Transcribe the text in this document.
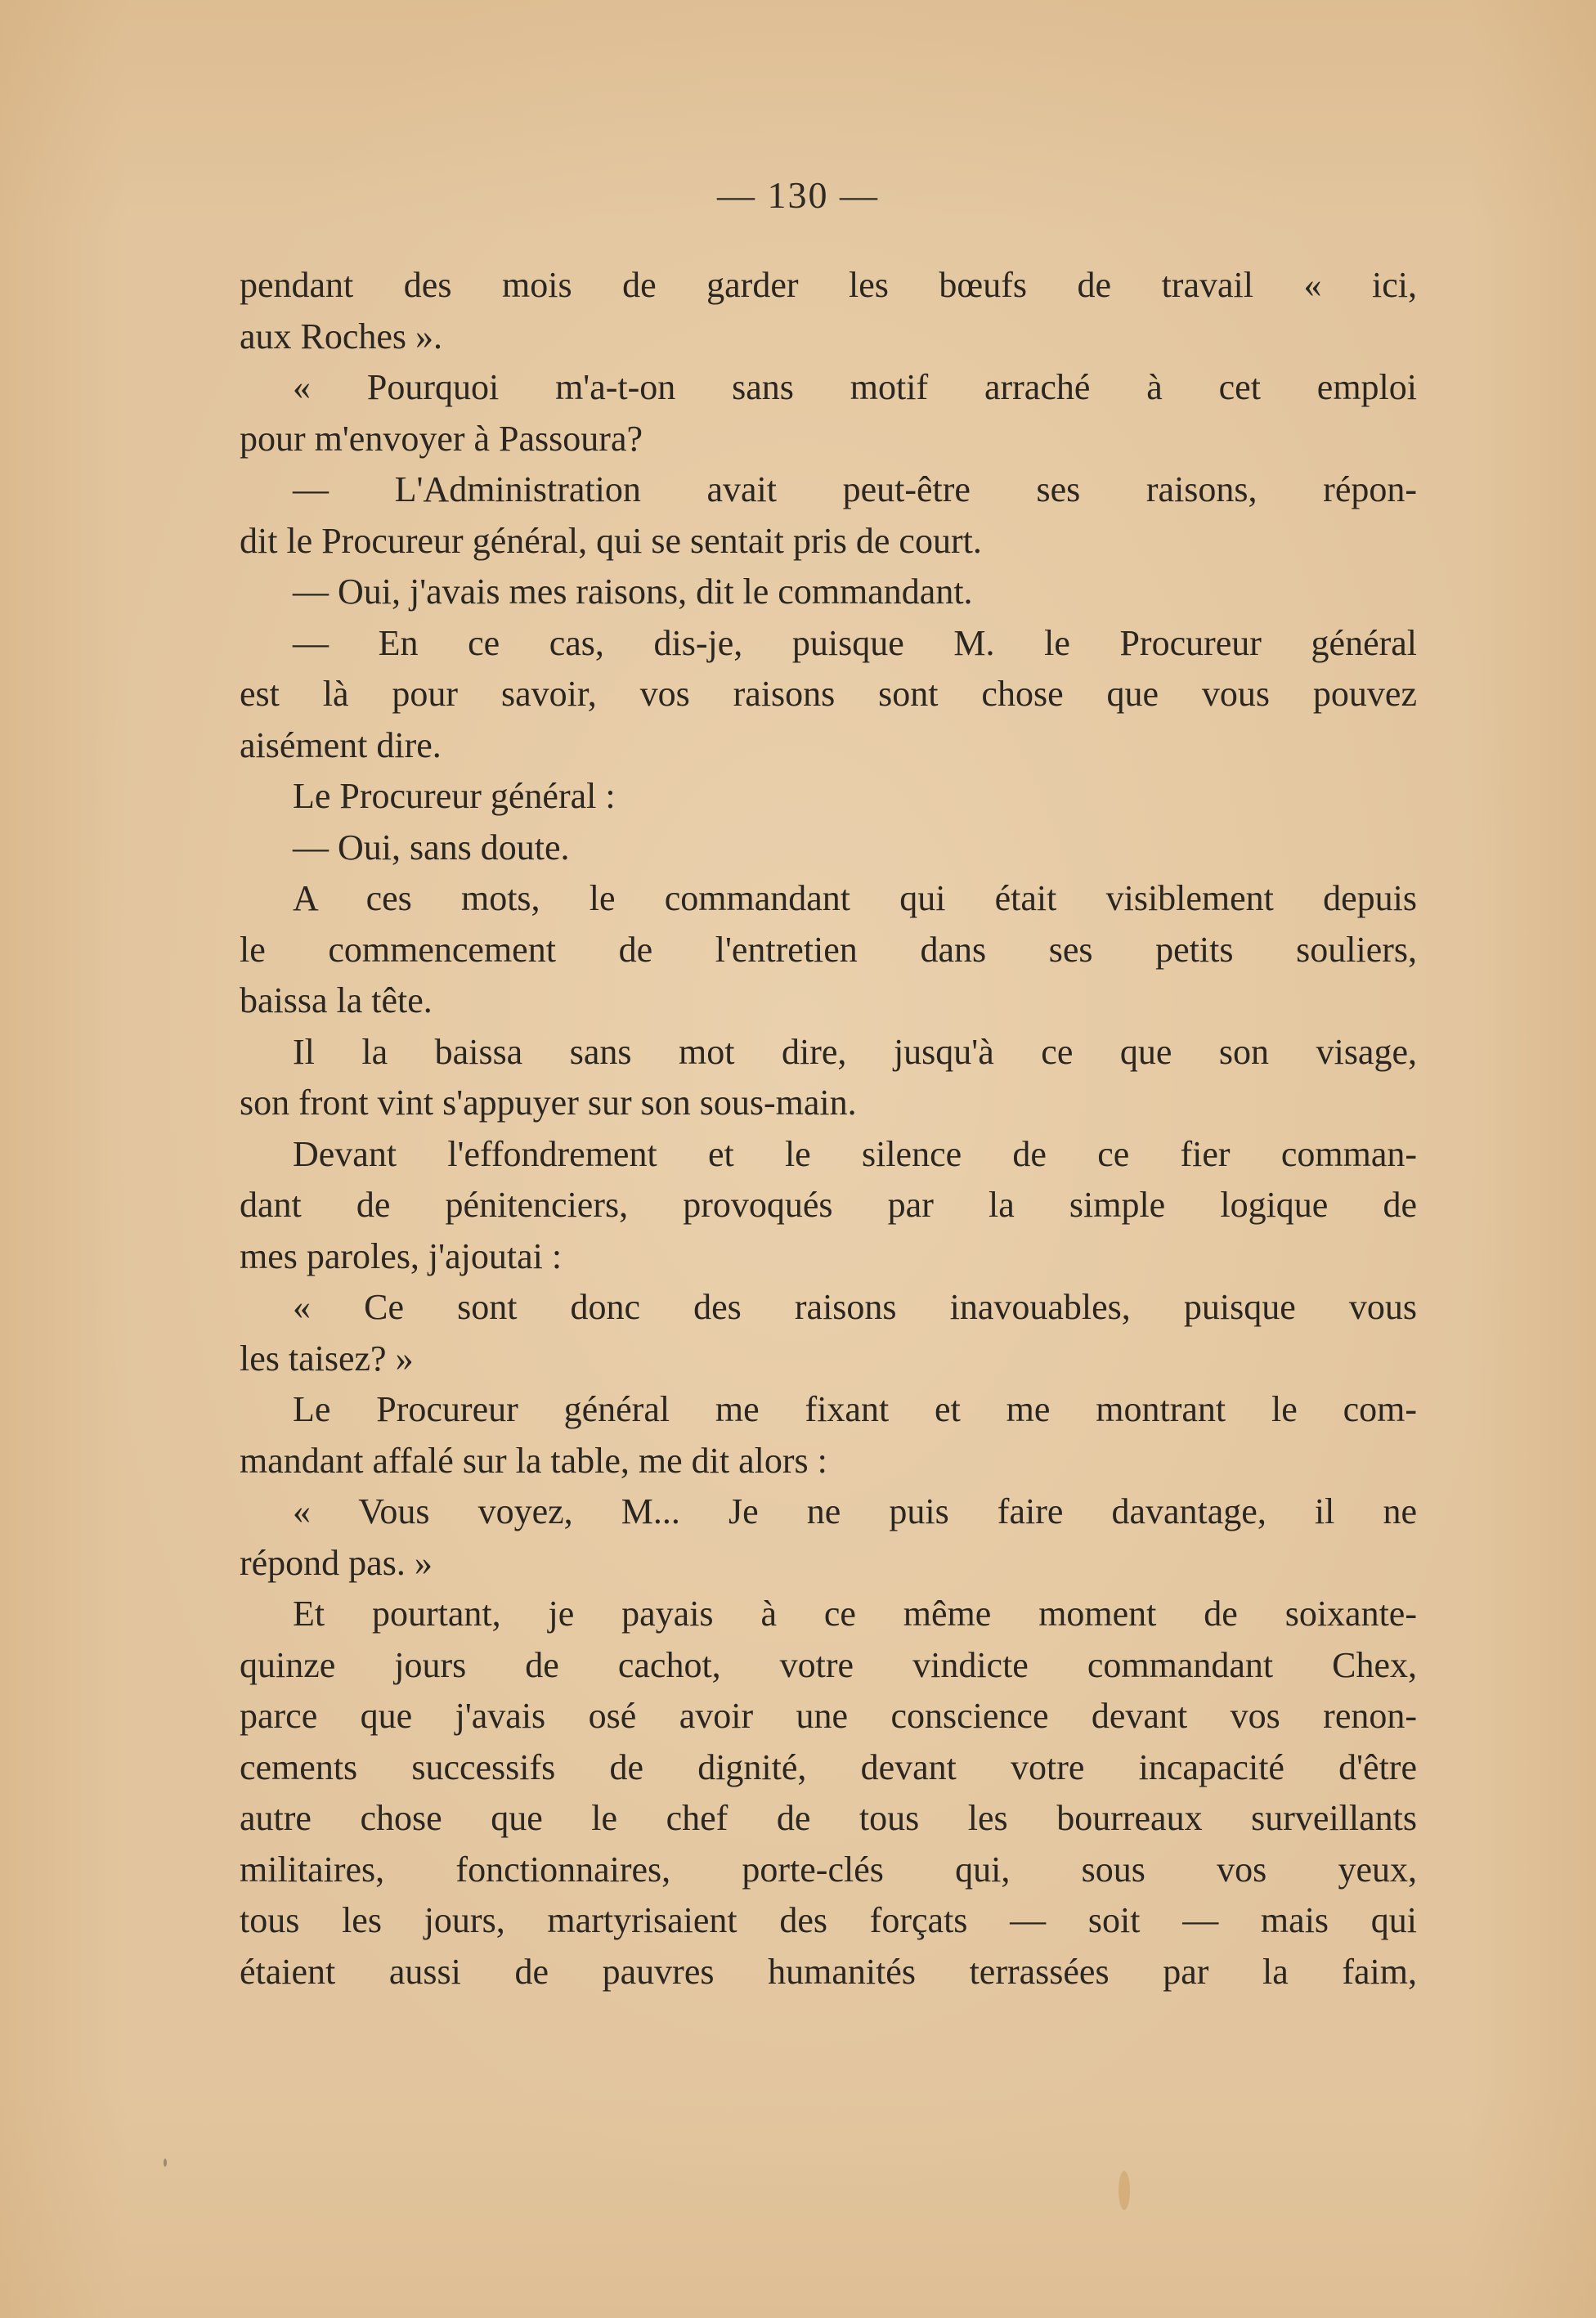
— 130 —
pendant des mois de garder les bœufs de travail « ici,
aux Roches ».
« Pourquoi m'a-t-on sans motif arraché à cet emploi
pour m'envoyer à Passoura?
— L'Administration avait peut-être ses raisons, répon-
dit le Procureur général, qui se sentait pris de court.
— Oui, j'avais mes raisons, dit le commandant.
— En ce cas, dis-je, puisque M. le Procureur général
est là pour savoir, vos raisons sont chose que vous pouvez
aisément dire.
Le Procureur général :
— Oui, sans doute.
A ces mots, le commandant qui était visiblement depuis
le commencement de l'entretien dans ses petits souliers,
baissa la tête.
Il la baissa sans mot dire, jusqu'à ce que son visage,
son front vint s'appuyer sur son sous-main.
Devant l'effondrement et le silence de ce fier comman-
dant de pénitenciers, provoqués par la simple logique de
mes paroles, j'ajoutai :
« Ce sont donc des raisons inavouables, puisque vous
les taisez? »
Le Procureur général me fixant et me montrant le com-
mandant affalé sur la table, me dit alors :
« Vous voyez, M... Je ne puis faire davantage, il ne
répond pas. »
Et pourtant, je payais à ce même moment de soixante-
quinze jours de cachot, votre vindicte commandant Chex,
parce que j'avais osé avoir une conscience devant vos renon-
cements successifs de dignité, devant votre incapacité d'être
autre chose que le chef de tous les bourreaux surveillants
militaires, fonctionnaires, porte-clés qui, sous vos yeux,
tous les jours, martyrisaient des forçats — soit — mais qui
étaient aussi de pauvres humanités terrassées par la faim,
